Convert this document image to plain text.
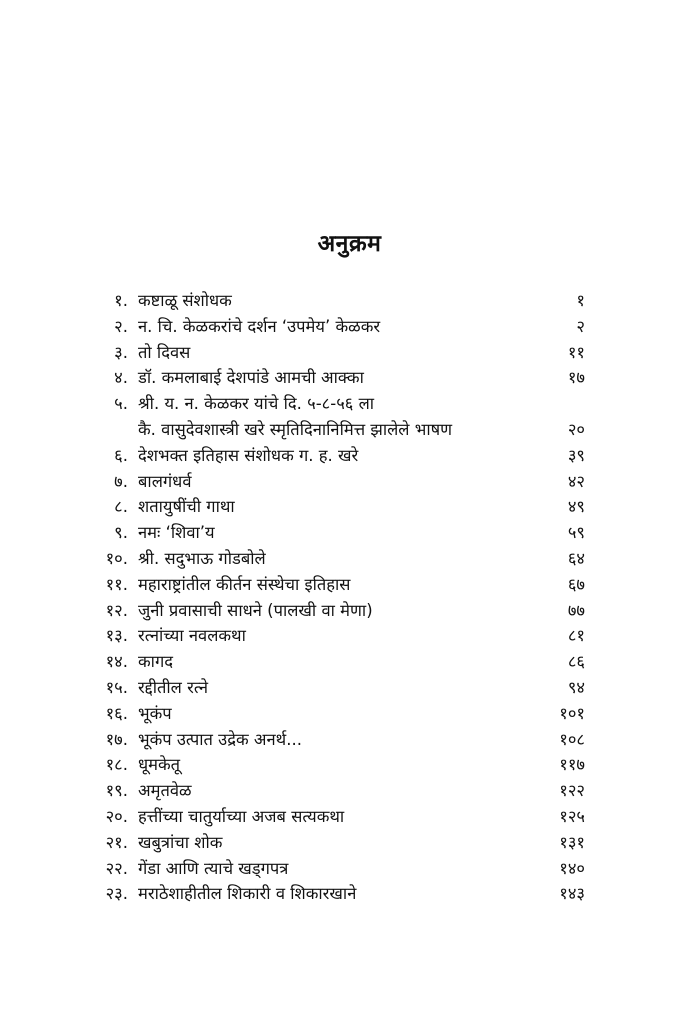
अनुक्रम
१. कष्टाळू संशोधक	१
२. न. चि. केळकरांचे दर्शन ‘उपमेय’ केळकर	२
३. तो दिवस	११
४. डॉ. कमलाबाई देशपांडे आमची आक्का	१७
५. श्री. य. न. केळकर यांचे दि. ५-८-५६ ला
कै. वासुदेवशास्त्री खरे स्मृतिदिनानिमित्त झालेले भाषण	२०
६. देशभक्त इतिहास संशोधक ग. ह. खरे	३९
७. बालगंधर्व	४२
८. शतायुषींची गाथा	४९
९. नमः ‘शिवा’य	५९
१०. श्री. सदुभाऊ गोडबोले	६४
११. महाराष्ट्रांतील कीर्तन संस्थेचा इतिहास	६७
१२. जुनी प्रवासाची साधने (पालखी वा मेणा)	७७
१३. रत्नांच्या नवलकथा	८१
१४. कागद	८६
१५. रद्दीतील रत्ने	९४
१६. भूकंप	१०१
१७. भूकंप उत्पात उद्रेक अनर्थ...	१०८
१८. धूमकेतू	११७
१९. अमृतवेळ	१२२
२०. हत्तींच्या चातुर्याच्या अजब सत्यकथा	१२५
२१. खबुत्रांचा शोक	१३१
२२. गेंडा आणि त्याचे खड्गपत्र	१४०
२३. मराठेशाहीतील शिकारी व शिकारखाने	१४३
